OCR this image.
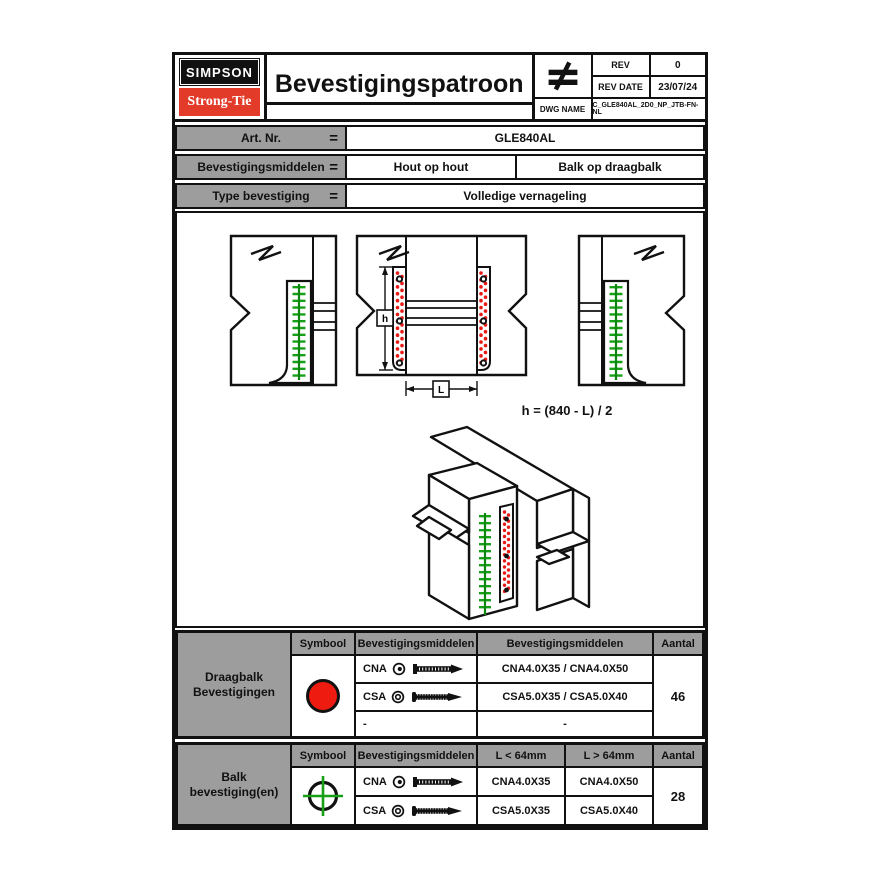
SIMPSON
Strong-Tie
®
Bevestigingspatroon
REV	0
REV DATE	23/07/24
DWG NAME	C_GLE840AL_2D0_NP_JTB-FN-NL
Art. Nr.	=	GLE840AL
Bevestigingsmiddelen =	Hout op hout	Balk op draagbalk
Type bevestiging =	Volledige vernageling
h
L
h = (840 - L) / 2
Draagbalk Bevestigingen
Symbool	Bevestigingsmiddelen	Bevestigingsmiddelen	Aantal
CNA	CNA4.0X35 / CNA4.0X50
CSA	CSA5.0X35 / CSA5.0X40
-	-
46
Balk bevestiging(en)
Symbool	Bevestigingsmiddelen	L < 64mm	L > 64mm	Aantal
CNA	CNA4.0X35	CNA4.0X50
CSA	CSA5.0X35	CSA5.0X40
28
